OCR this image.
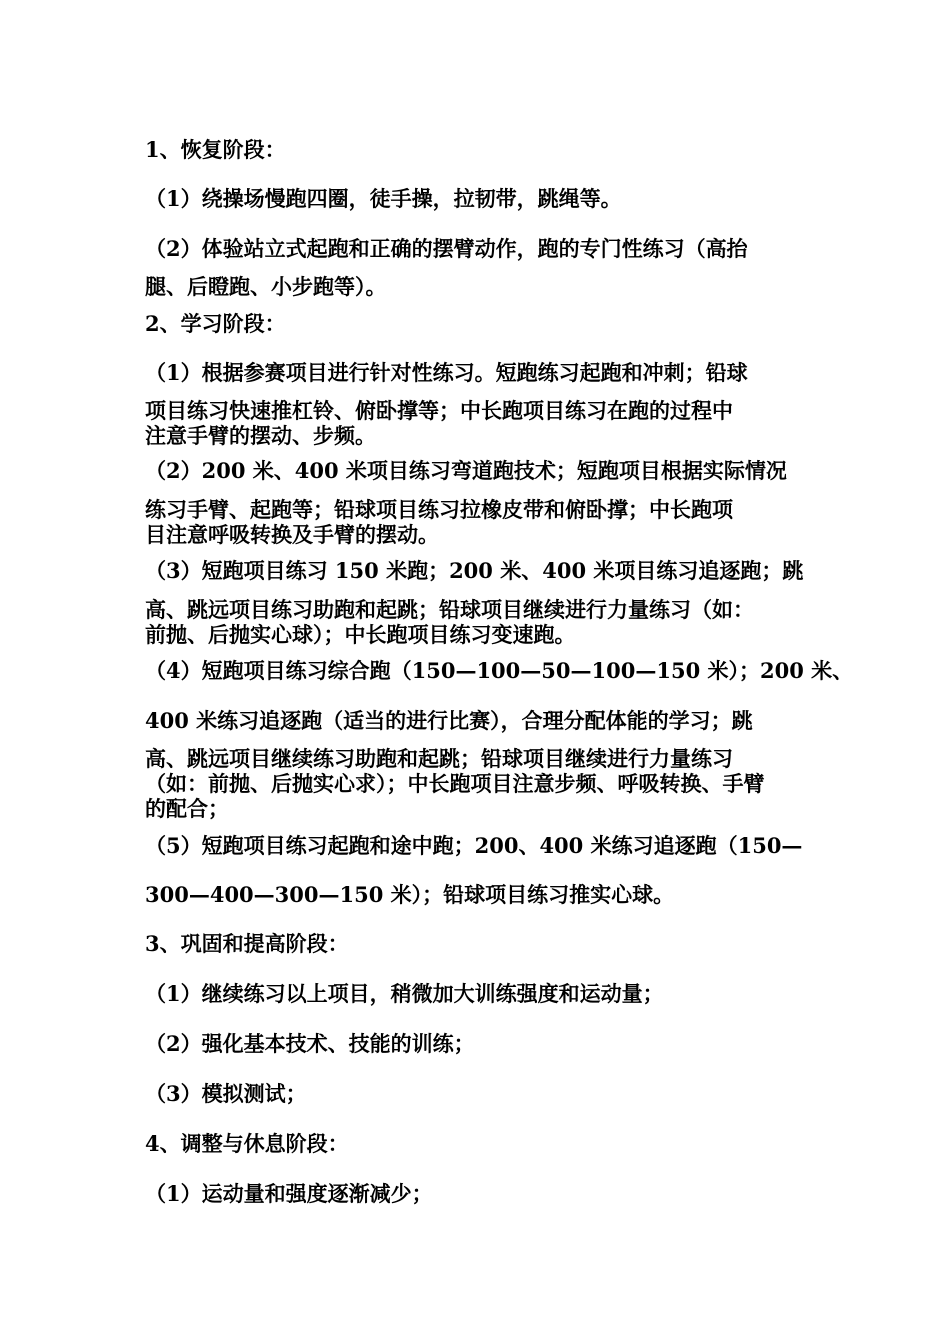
1、恢复阶段：
（1）绕操场慢跑四圈，徒手操，拉韧带，跳绳等。
（2）体验站立式起跑和正确的摆臂动作，跑的专门性练习（高抬
腿、后瞪跑、小步跑等）。
2、学习阶段：
（1）根据参赛项目进行针对性练习。短跑练习起跑和冲刺；铅球
项目练习快速推杠铃、俯卧撑等；中长跑项目练习在跑的过程中
注意手臂的摆动、步频。
（2）200 米、400 米项目练习弯道跑技术；短跑项目根据实际情况
练习手臂、起跑等；铅球项目练习拉橡皮带和俯卧撑；中长跑项
目注意呼吸转换及手臂的摆动。
（3）短跑项目练习 150 米跑；200 米、400 米项目练习追逐跑；跳
高、跳远项目练习助跑和起跳；铅球项目继续进行力量练习（如：
前抛、后抛实心球）；中长跑项目练习变速跑。
（4）短跑项目练习综合跑（150—100—50—100—150 米）；200 米、
400 米练习追逐跑（适当的进行比赛），合理分配体能的学习；跳
高、跳远项目继续练习助跑和起跳；铅球项目继续进行力量练习
（如：前抛、后抛实心求）；中长跑项目注意步频、呼吸转换、手臂
的配合；
（5）短跑项目练习起跑和途中跑；200、400 米练习追逐跑（150—
300—400—300—150 米）；铅球项目练习推实心球。
3、巩固和提高阶段：
（1）继续练习以上项目，稍微加大训练强度和运动量；
（2）强化基本技术、技能的训练；
（3）模拟测试；
4、调整与休息阶段：
（1）运动量和强度逐渐减少；
